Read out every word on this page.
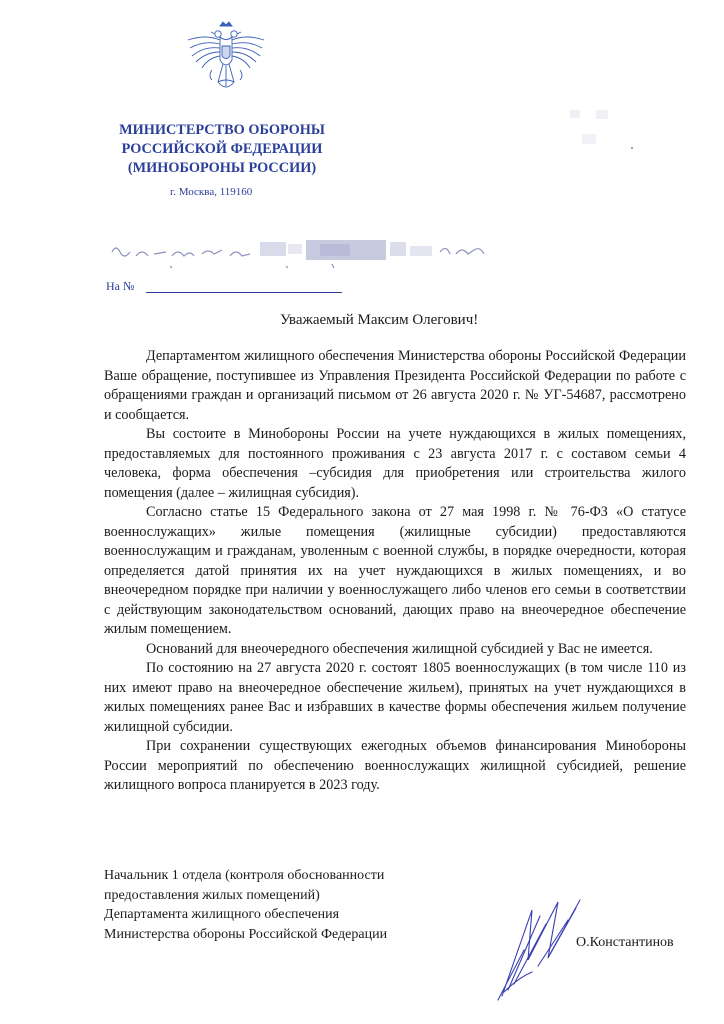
МИНИСТЕРСТВО ОБОРОНЫ
РОССИЙСКОЙ ФЕДЕРАЦИИ
(МИНОБОРОНЫ РОССИИ)
г. Москва, 119160
На №
Уважаемый Максим Олегович!

Департаментом жилищного обеспечения Министерства обороны Российской Федерации Ваше обращение, поступившее из Управления Президента Российской Федерации по работе с обращениями граждан и организаций письмом от 26 августа 2020 г. № УГ-54687, рассмотрено и сообщается.

Вы состоите в Минобороны России на учете нуждающихся в жилых помещениях, предоставляемых для постоянного проживания с 23 августа 2017 г. с составом семьи 4 человека, форма обеспечения –субсидия для приобретения или строительства жилого помещения (далее – жилищная субсидия).

Согласно статье 15 Федерального закона от 27 мая 1998 г. № 76-ФЗ «О статусе военнослужащих» жилые помещения (жилищные субсидии) предоставляются военнослужащим и гражданам, уволенным с военной службы, в порядке очередности, которая определяется датой принятия их на учет нуждающихся в жилых помещениях, и во внеочередном порядке при наличии у военнослужащего либо членов его семьи в соответствии с действующим законодательством оснований, дающих право на внеочередное обеспечение жилым помещением.

Оснований для внеочередного обеспечения жилищной субсидией у Вас не имеется.

По состоянию на 27 августа 2020 г. состоят 1805 военнослужащих (в том числе 110 из них имеют право на внеочередное обеспечение жильем), принятых на учет нуждающихся в жилых помещениях ранее Вас и избравших в качестве формы обеспечения жильем получение жилищной субсидии.

При сохранении существующих ежегодных объемов финансирования Минобороны России мероприятий по обеспечению военнослужащих жилищной субсидией, решение жилищного вопроса планируется в 2023 году.

Начальник 1 отдела (контроля обоснованности
предоставления жилых помещений)
Департамента жилищного обеспечения
Министерства обороны Российской Федерации
О.Константинов
